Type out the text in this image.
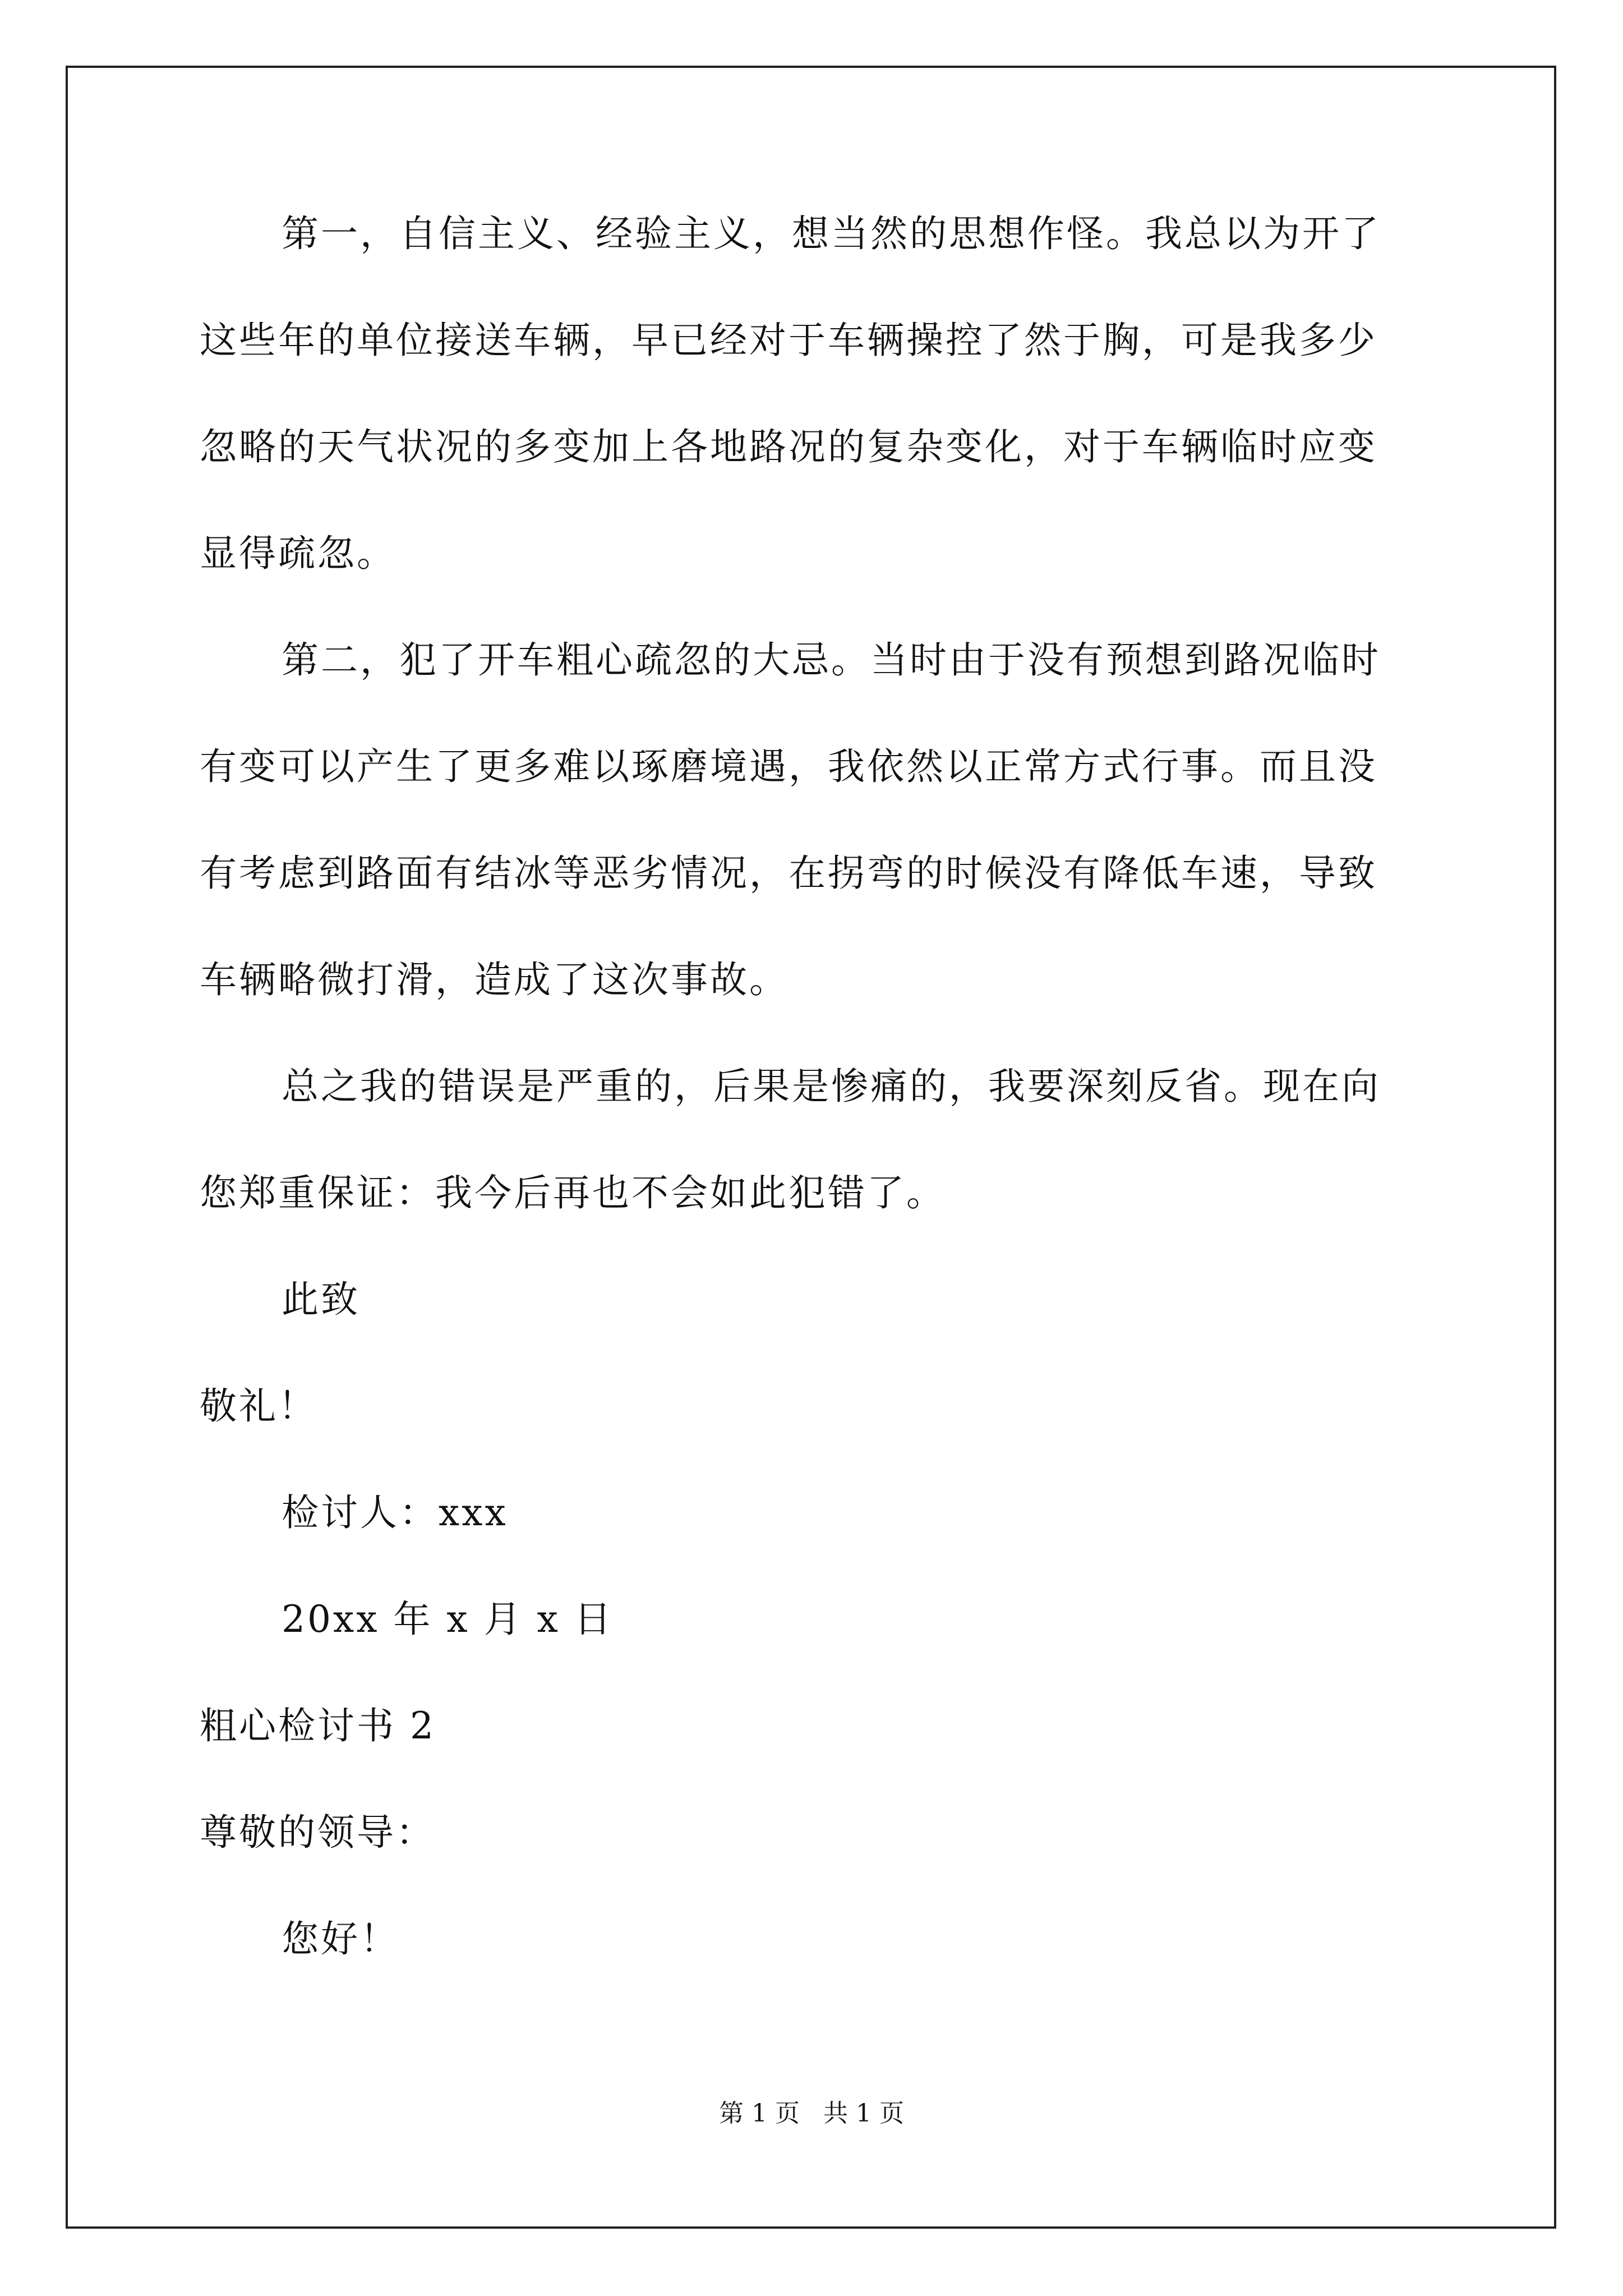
第一，自信主义、经验主义，想当然的思想作怪。我总以为开了
这些年的单位接送车辆，早已经对于车辆操控了然于胸，可是我多少
忽略的天气状况的多变加上各地路况的复杂变化，对于车辆临时应变
显得疏忽。
第二，犯了开车粗心疏忽的大忌。当时由于没有预想到路况临时
有变可以产生了更多难以琢磨境遇，我依然以正常方式行事。而且没
有考虑到路面有结冰等恶劣情况，在拐弯的时候没有降低车速，导致
车辆略微打滑，造成了这次事故。
总之我的错误是严重的，后果是惨痛的，我要深刻反省。现在向
您郑重保证：我今后再也不会如此犯错了。
此致
敬礼！
检讨人：xxx
20xx 年 x 月 x 日
粗心检讨书 2
尊敬的领导：
您好！
第 1 页   共 1 页
